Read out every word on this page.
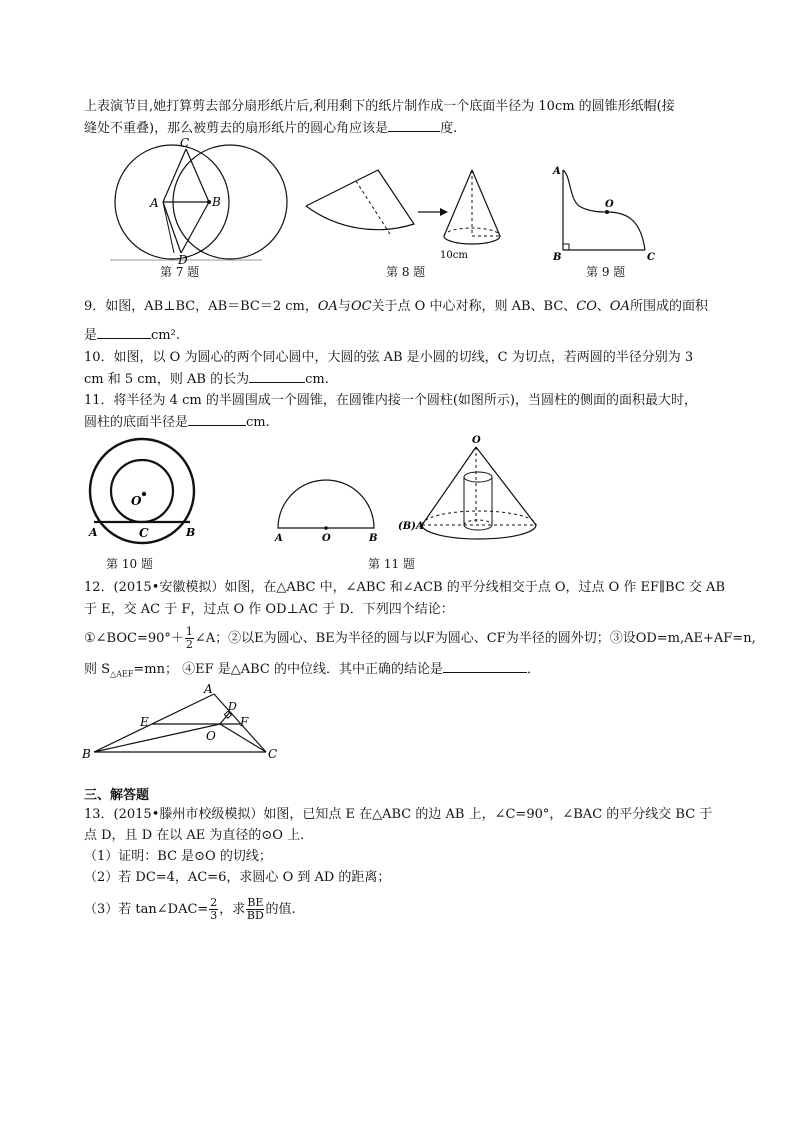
上表演节目,她打算剪去部分扇形纸片后,利用剩下的纸片制作成一个底面半径为 10cm 的圆锥形纸帽(接
缝处不重叠)，那么被剪去的扇形纸片的圆心角应该是	度.
C
A	B
D
第 7 题
10cm
第 8 题
A
B	C
O
第 9 题
9．如图，AB⊥BC，AB＝BC＝2 cm，OA与OC关于点 O 中心对称，则 AB、BC、CO、OA所围成的面积
是	cm².
10．如图，以 O 为圆心的两个同心圆中，大圆的弦 AB 是小圆的切线，C 为切点，若两圆的半径分别为 3
cm 和 5 cm，则 AB 的长为	cm.
11．将半径为 4 cm 的半圆围成一个圆锥，在圆锥内接一个圆柱(如图所示)，当圆柱的侧面的面积最大时，
圆柱的底面半径是	cm.
O
A	C	B
第 10 题
A	O	B
O
(B)A
第 11 题
12．(2015•安徽模拟）如图，在△ABC 中，∠ABC 和∠ACB 的平分线相交于点 O，过点 O 作 EF∥BC 交 AB
于 E，交 AC 于 F，过点 O 作 OD⊥AC 于 D．下列四个结论：
①∠BOC=90°＋ $\frac{1}{2}$ ∠A；②以E为圆心、BE为半径的圆与以F为圆心、CF为半径的圆外切；③设OD=m,AE+AF=n,
则 $S_{\triangle AEF}=mn$； ④EF 是△ABC 的中位线．其中正确的结论是	．
A
D
E	F
O
B	C
三、解答题
13．(2015•滕州市校级模拟）如图，已知点 E 在△ABC 的边 AB 上，∠C=90°，∠BAC 的平分线交 BC 于
点 D，且 D 在以 AE 为直径的⊙O 上．
（1）证明：BC 是⊙O 的切线；
（2）若 DC=4，AC=6，求圆心 O 到 AD 的距离；
（3）若 tan∠DAC= $\frac{2}{3}$ ，求 $\frac{BE}{BD}$ 的值.
